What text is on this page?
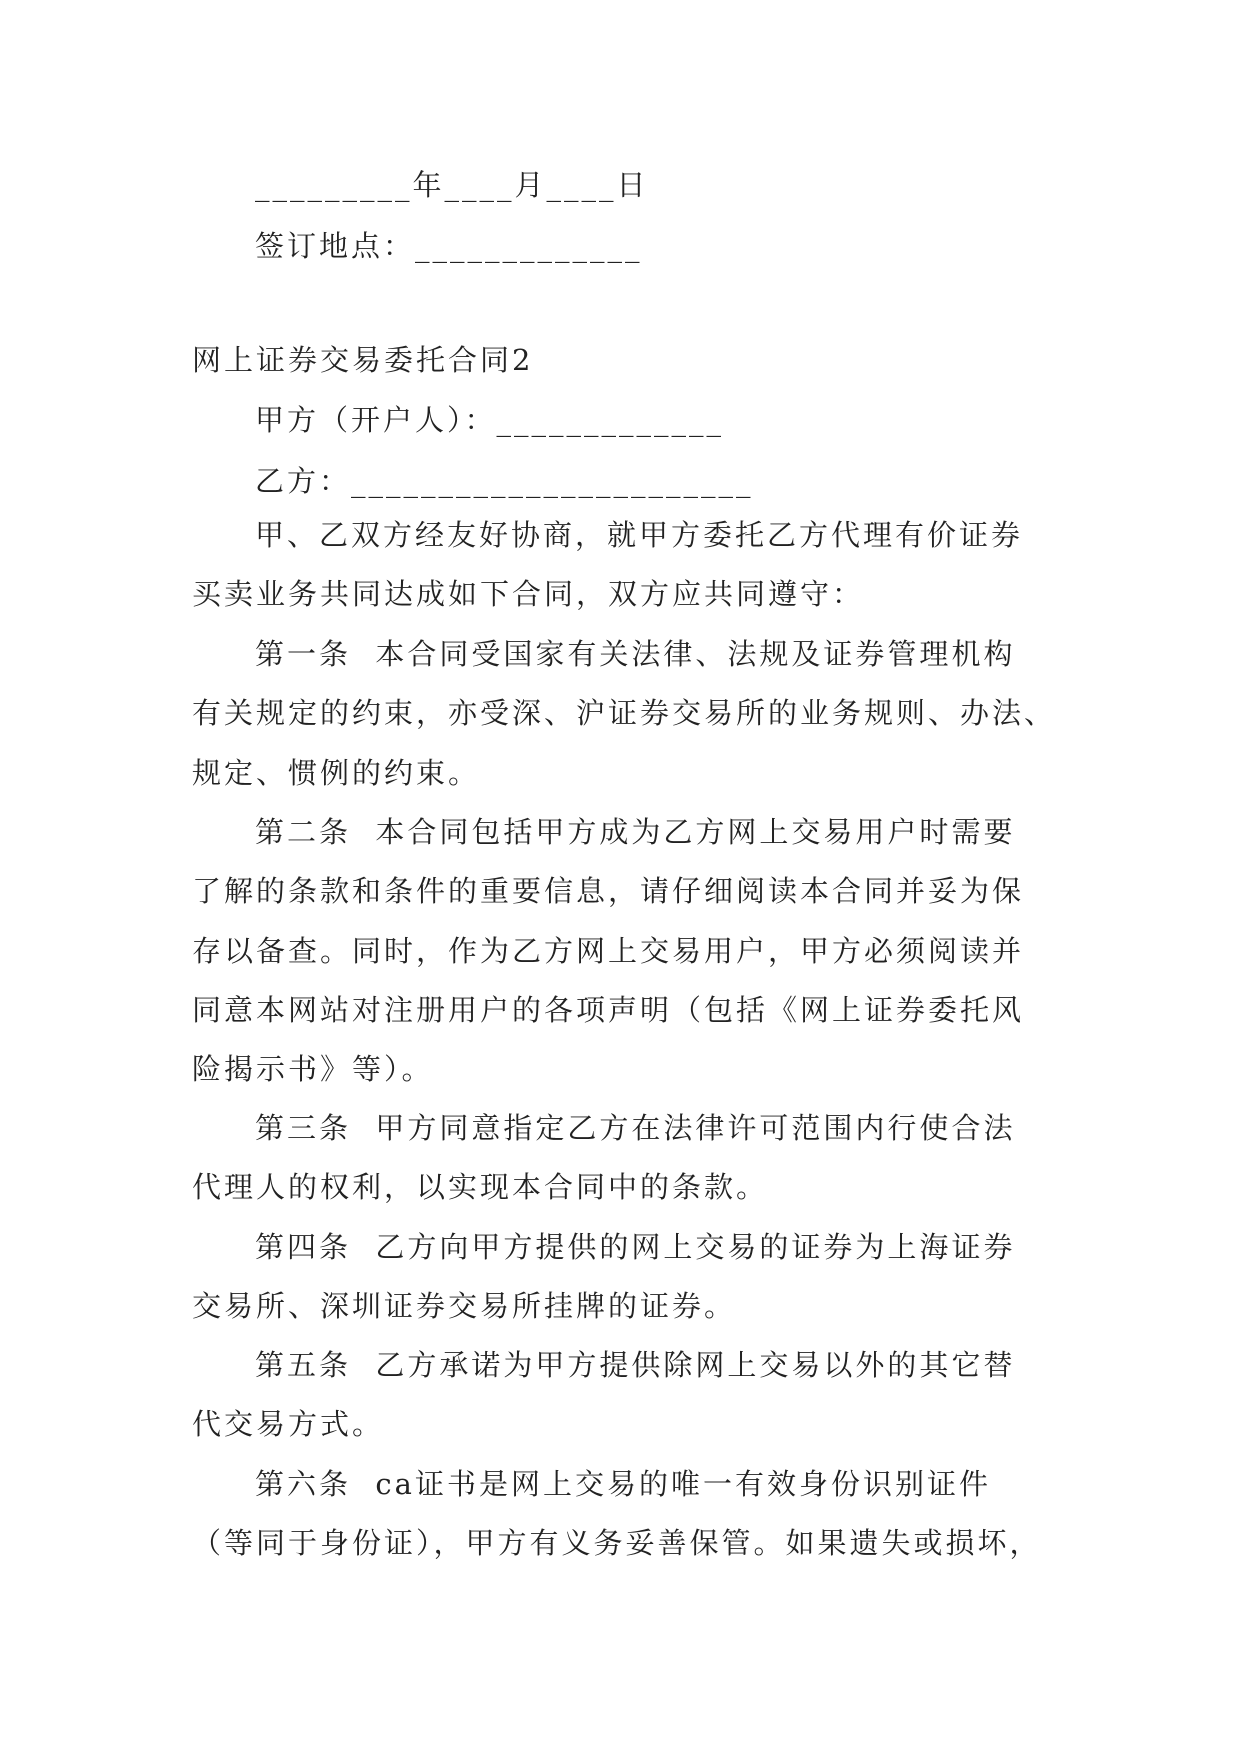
_________年____月____日
签订地点：_____________
网上证券交易委托合同2
甲方（开户人）：_____________
乙方：_______________________
甲、乙双方经友好协商，就甲方委托乙方代理有价证券
买卖业务共同达成如下合同，双方应共同遵守：
第一条  本合同受国家有关法律、法规及证券管理机构
有关规定的约束，亦受深、沪证券交易所的业务规则、办法、
规定、惯例的约束。
第二条  本合同包括甲方成为乙方网上交易用户时需要
了解的条款和条件的重要信息，请仔细阅读本合同并妥为保
存以备查。同时，作为乙方网上交易用户，甲方必须阅读并
同意本网站对注册用户的各项声明（包括《网上证券委托风
险揭示书》等）。
第三条  甲方同意指定乙方在法律许可范围内行使合法
代理人的权利，以实现本合同中的条款。
第四条  乙方向甲方提供的网上交易的证券为上海证券
交易所、深圳证券交易所挂牌的证券。
第五条  乙方承诺为甲方提供除网上交易以外的其它替
代交易方式。
第六条  ca证书是网上交易的唯一有效身份识别证件
（等同于身份证），甲方有义务妥善保管。如果遗失或损坏，
